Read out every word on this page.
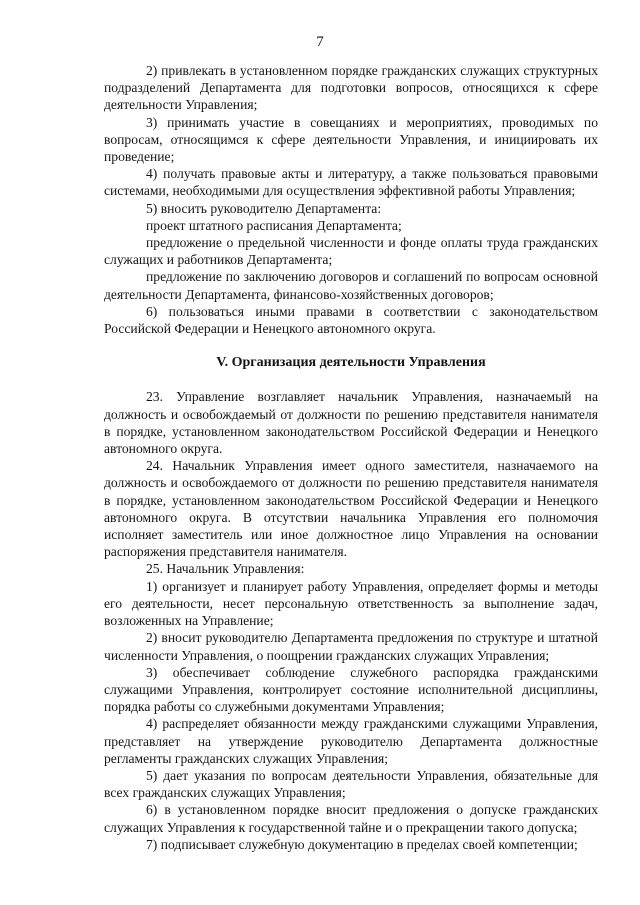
7

2) привлекать в установленном порядке гражданских служащих структурных подразделений Департамента для подготовки вопросов, относящихся к сфере деятельности Управления;

3) принимать участие в совещаниях и мероприятиях, проводимых по вопросам, относящимся к сфере деятельности Управления, и инициировать их проведение;

4) получать правовые акты и литературу, а также пользоваться правовыми системами, необходимыми для осуществления эффективной работы Управления;

5) вносить руководителю Департамента:

проект штатного расписания Департамента;

предложение о предельной численности и фонде оплаты труда гражданских служащих и работников Департамента;

предложение по заключению договоров и соглашений по вопросам основной деятельности Департамента, финансово-хозяйственных договоров;

6) пользоваться иными правами в соответствии с законодательством Российской Федерации и Ненецкого автономного округа.

V. Организация деятельности Управления

23. Управление возглавляет начальник Управления, назначаемый на должность и освобождаемый от должности по решению представителя нанимателя в порядке, установленном законодательством Российской Федерации и Ненецкого автономного округа.

24. Начальник Управления имеет одного заместителя, назначаемого на должность и освобождаемого от должности по решению представителя нанимателя в порядке, установленном законодательством Российской Федерации и Ненецкого автономного округа. В отсутствии начальника Управления его полномочия исполняет заместитель или иное должностное лицо Управления на основании распоряжения представителя нанимателя.

25. Начальник Управления:

1) организует и планирует работу Управления, определяет формы и методы его деятельности, несет персональную ответственность за выполнение задач, возложенных на Управление;

2) вносит руководителю Департамента предложения по структуре и штатной численности Управления, о поощрении гражданских служащих Управления;

3) обеспечивает соблюдение служебного распорядка гражданскими служащими Управления, контролирует состояние исполнительной дисциплины, порядка работы со служебными документами Управления;

4) распределяет обязанности между гражданскими служащими Управления, представляет на утверждение руководителю Департамента должностные регламенты гражданских служащих Управления;

5) дает указания по вопросам деятельности Управления, обязательные для всех гражданских служащих Управления;

6) в установленном порядке вносит предложения о допуске гражданских служащих Управления к государственной тайне и о прекращении такого допуска;

7) подписывает служебную документацию в пределах своей компетенции;
